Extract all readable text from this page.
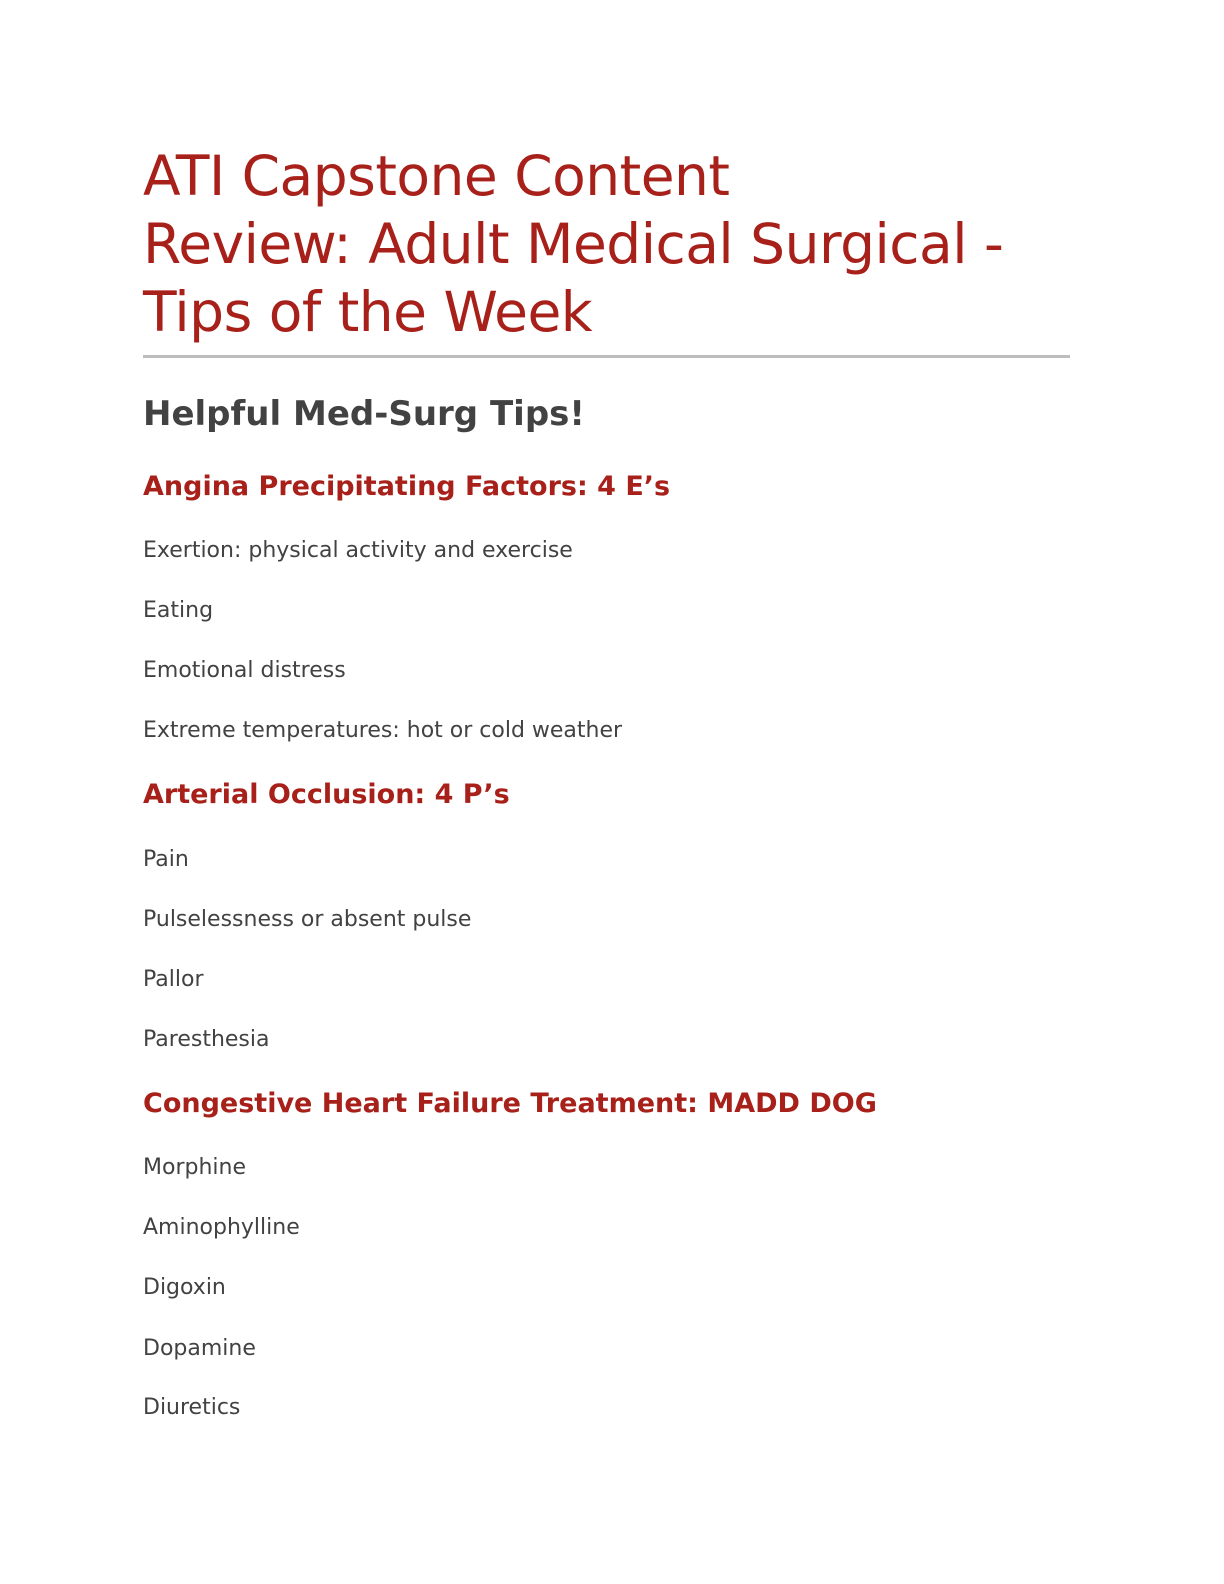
ATI Capstone Content
Review: Adult Medical Surgical -
Tips of the Week
Helpful Med-Surg Tips!
Angina Precipitating Factors: 4 E’s

Exertion: physical activity and exercise

Eating

Emotional distress

Extreme temperatures: hot or cold weather

Arterial Occlusion: 4 P’s

Pain

Pulselessness or absent pulse

Pallor

Paresthesia

Congestive Heart Failure Treatment: MADD DOG

Morphine

Aminophylline

Digoxin

Dopamine

Diuretics
